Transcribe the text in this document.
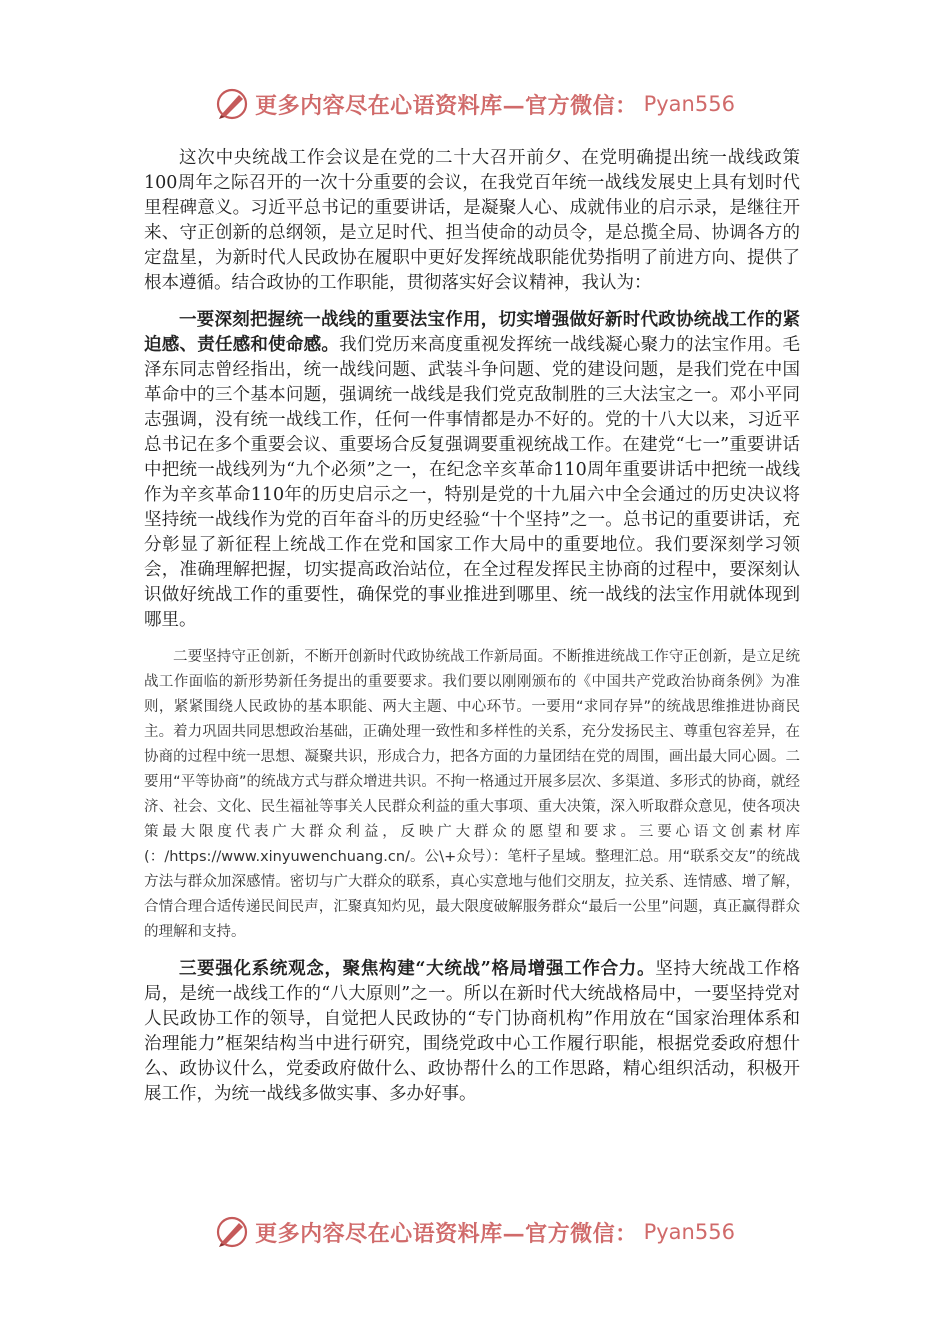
更多内容尽在心语资料库—官方微信： Pyan556

这次中央统战工作会议是在党的二十大召开前夕、在党明确提出统一战线政策100周年之际召开的一次十分重要的会议，在我党百年统一战线发展史上具有划时代里程碑意义。习近平总书记的重要讲话，是凝聚人心、成就伟业的启示录，是继往开来、守正创新的总纲领，是立足时代、担当使命的动员令，是总揽全局、协调各方的定盘星，为新时代人民政协在履职中更好发挥统战职能优势指明了前进方向、提供了根本遵循。结合政协的工作职能，贯彻落实好会议精神，我认为：

一要深刻把握统一战线的重要法宝作用，切实增强做好新时代政协统战工作的紧迫感、责任感和使命感。我们党历来高度重视发挥统一战线凝心聚力的法宝作用。毛泽东同志曾经指出，统一战线问题、武装斗争问题、党的建设问题，是我们党在中国革命中的三个基本问题，强调统一战线是我们党克敌制胜的三大法宝之一。邓小平同志强调，没有统一战线工作，任何一件事情都是办不好的。党的十八大以来，习近平总书记在多个重要会议、重要场合反复强调要重视统战工作。在建党“七一”重要讲话中把统一战线列为“九个必须”之一，在纪念辛亥革命110周年重要讲话中把统一战线作为辛亥革命110年的历史启示之一，特别是党的十九届六中全会通过的历史决议将坚持统一战线作为党的百年奋斗的历史经验“十个坚持”之一。总书记的重要讲话，充分彰显了新征程上统战工作在党和国家工作大局中的重要地位。我们要深刻学习领会，准确理解把握，切实提高政治站位，在全过程发挥民主协商的过程中，要深刻认识做好统战工作的重要性，确保党的事业推进到哪里、统一战线的法宝作用就体现到哪里。

二要坚持守正创新，不断开创新时代政协统战工作新局面。不断推进统战工作守正创新，是立足统战工作面临的新形势新任务提出的重要要求。我们要以刚刚颁布的《中国共产党政治协商条例》为准则，紧紧围绕人民政协的基本职能、两大主题、中心环节。一要用“求同存异”的统战思维推进协商民主。着力巩固共同思想政治基础，正确处理一致性和多样性的关系，充分发扬民主、尊重包容差异，在协商的过程中统一思想、凝聚共识，形成合力，把各方面的力量团结在党的周围，画出最大同心圆。二要用“平等协商”的统战方式与群众增进共识。不拘一格通过开展多层次、多渠道、多形式的协商，就经济、社会、文化、民生福祉等事关人民群众利益的重大事项、重大决策，深入听取群众意见，使各项决策最大限度代表广大群众利益，反映广大群众的愿望和要求。三要心语文创素材库(：/https://www.xinyuwenchuang.cn/。公\+众号）：笔杆子星域。整理汇总。用“联系交友”的统战方法与群众加深感情。密切与广大群众的联系，真心实意地与他们交朋友，拉关系、连情感、增了解，合情合理合适传递民间民声，汇聚真知灼见，最大限度破解服务群众“最后一公里”问题，真正赢得群众的理解和支持。

三要强化系统观念，聚焦构建“大统战”格局增强工作合力。坚持大统战工作格局，是统一战线工作的“八大原则”之一。所以在新时代大统战格局中，一要坚持党对人民政协工作的领导，自觉把人民政协的“专门协商机构”作用放在“国家治理体系和治理能力”框架结构当中进行研究，围绕党政中心工作履行职能，根据党委政府想什么、政协议什么，党委政府做什么、政协帮什么的工作思路，精心组织活动，积极开展工作，为统一战线多做实事、多办好事。

更多内容尽在心语资料库—官方微信： Pyan556
